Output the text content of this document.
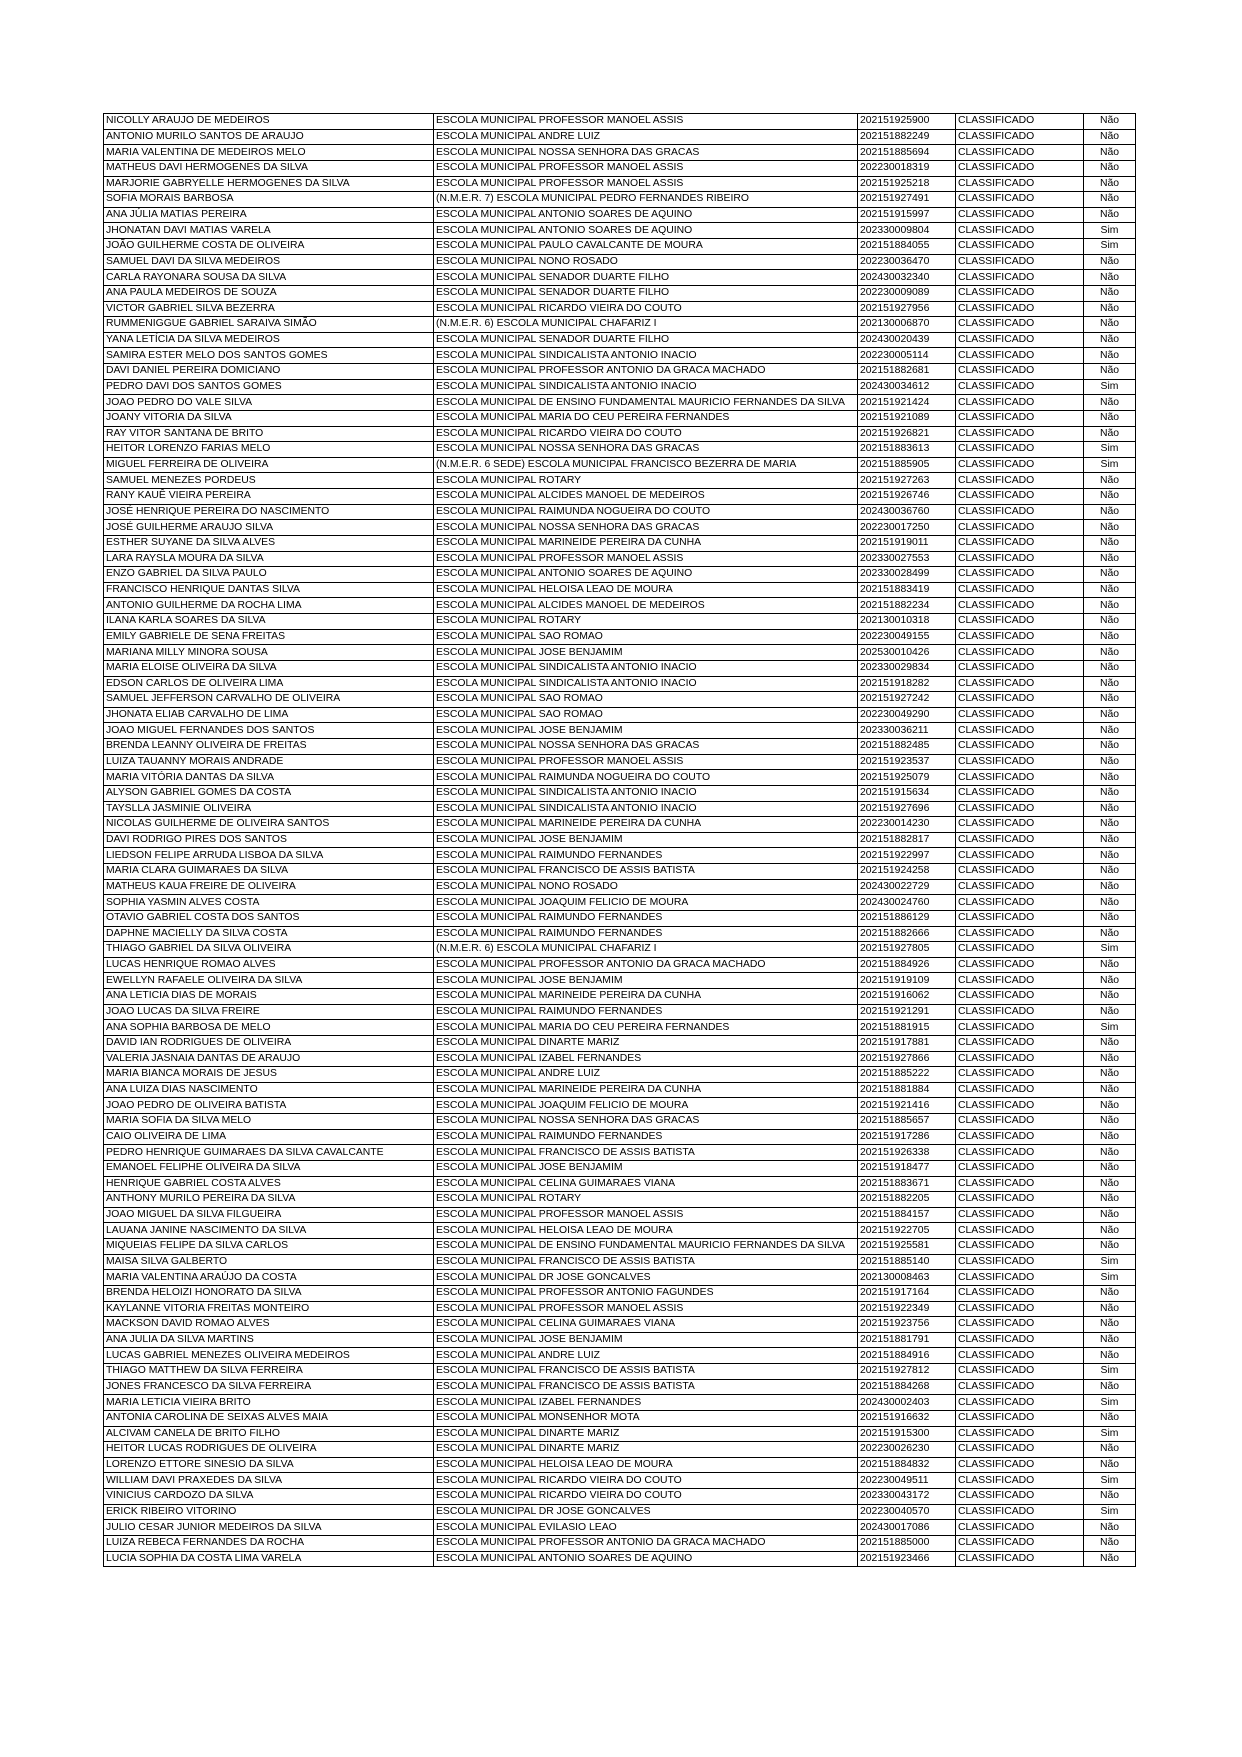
NICOLLY ARAUJO DE MEDEIROS	ESCOLA MUNICIPAL PROFESSOR MANOEL ASSIS	202151925900	CLASSIFICADO	Não
ANTONIO MURILO SANTOS DE ARAUJO	ESCOLA MUNICIPAL ANDRE LUIZ	202151882249	CLASSIFICADO	Não
MARIA VALENTINA DE MEDEIROS MELO	ESCOLA MUNICIPAL NOSSA SENHORA DAS GRACAS	202151885694	CLASSIFICADO	Não
MATHEUS DAVI HERMOGENES DA SILVA	ESCOLA MUNICIPAL PROFESSOR MANOEL ASSIS	202230018319	CLASSIFICADO	Não
MARJORIE GABRYELLE HERMOGENES DA SILVA	ESCOLA MUNICIPAL PROFESSOR MANOEL ASSIS	202151925218	CLASSIFICADO	Não
SOFIA MORAIS BARBOSA	(N.M.E.R. 7) ESCOLA MUNICIPAL PEDRO FERNANDES RIBEIRO	202151927491	CLASSIFICADO	Não
ANA JÚLIA MATIAS PEREIRA	ESCOLA MUNICIPAL ANTONIO SOARES DE AQUINO	202151915997	CLASSIFICADO	Não
JHONATAN DAVI MATIAS VARELA	ESCOLA MUNICIPAL ANTONIO SOARES DE AQUINO	202330009804	CLASSIFICADO	Sim
JOÃO GUILHERME COSTA DE OLIVEIRA	ESCOLA MUNICIPAL PAULO CAVALCANTE DE MOURA	202151884055	CLASSIFICADO	Sim
SAMUEL DAVI DA SILVA MEDEIROS	ESCOLA MUNICIPAL NONO ROSADO	202230036470	CLASSIFICADO	Não
CARLA RAYONARA SOUSA DA SILVA	ESCOLA MUNICIPAL SENADOR DUARTE FILHO	202430032340	CLASSIFICADO	Não
ANA PAULA MEDEIROS DE SOUZA	ESCOLA MUNICIPAL SENADOR DUARTE FILHO	202230009089	CLASSIFICADO	Não
VICTOR GABRIEL SILVA BEZERRA	ESCOLA MUNICIPAL RICARDO VIEIRA DO COUTO	202151927956	CLASSIFICADO	Não
RUMMENIGGUE GABRIEL SARAIVA SIMÃO	(N.M.E.R. 6) ESCOLA MUNICIPAL CHAFARIZ I	202130006870	CLASSIFICADO	Não
YANA LETÍCIA DA SILVA MEDEIROS	ESCOLA MUNICIPAL SENADOR DUARTE FILHO	202430020439	CLASSIFICADO	Não
SAMIRA ESTER MELO DOS SANTOS GOMES	ESCOLA MUNICIPAL SINDICALISTA ANTONIO INACIO	202230005114	CLASSIFICADO	Não
DAVI DANIEL PEREIRA DOMICIANO	ESCOLA MUNICIPAL PROFESSOR ANTONIO DA GRACA MACHADO	202151882681	CLASSIFICADO	Não
PEDRO DAVI DOS SANTOS GOMES	ESCOLA MUNICIPAL SINDICALISTA ANTONIO INACIO	202430034612	CLASSIFICADO	Sim
JOAO PEDRO DO VALE SILVA	ESCOLA MUNICIPAL DE ENSINO FUNDAMENTAL MAURICIO FERNANDES DA SILVA	202151921424	CLASSIFICADO	Não
JOANY VITORIA DA SILVA	ESCOLA MUNICIPAL MARIA DO CEU PEREIRA FERNANDES	202151921089	CLASSIFICADO	Não
RAY VITOR SANTANA DE BRITO	ESCOLA MUNICIPAL RICARDO VIEIRA DO COUTO	202151926821	CLASSIFICADO	Não
HEITOR LORENZO FARIAS MELO	ESCOLA MUNICIPAL NOSSA SENHORA DAS GRACAS	202151883613	CLASSIFICADO	Sim
MIGUEL FERREIRA DE OLIVEIRA	(N.M.E.R. 6 SEDE) ESCOLA MUNICIPAL FRANCISCO BEZERRA DE MARIA	202151885905	CLASSIFICADO	Sim
SAMUEL MENEZES PORDEUS	ESCOLA MUNICIPAL ROTARY	202151927263	CLASSIFICADO	Não
RANY KAUÊ VIEIRA PEREIRA	ESCOLA MUNICIPAL ALCIDES MANOEL DE MEDEIROS	202151926746	CLASSIFICADO	Não
JOSÉ HENRIQUE PEREIRA DO NASCIMENTO	ESCOLA MUNICIPAL RAIMUNDA NOGUEIRA DO COUTO	202430036760	CLASSIFICADO	Não
JOSÉ GUILHERME ARAUJO SILVA	ESCOLA MUNICIPAL NOSSA SENHORA DAS GRACAS	202230017250	CLASSIFICADO	Não
ESTHER SUYANE DA SILVA ALVES	ESCOLA MUNICIPAL MARINEIDE PEREIRA DA CUNHA	202151919011	CLASSIFICADO	Não
LARA RAYSLA MOURA DA SILVA	ESCOLA MUNICIPAL PROFESSOR MANOEL ASSIS	202330027553	CLASSIFICADO	Não
ENZO GABRIEL DA SILVA PAULO	ESCOLA MUNICIPAL ANTONIO SOARES DE AQUINO	202330028499	CLASSIFICADO	Não
FRANCISCO HENRIQUE DANTAS SILVA	ESCOLA MUNICIPAL HELOISA LEAO DE MOURA	202151883419	CLASSIFICADO	Não
ANTONIO GUILHERME DA ROCHA LIMA	ESCOLA MUNICIPAL ALCIDES MANOEL DE MEDEIROS	202151882234	CLASSIFICADO	Não
ILANA KARLA SOARES DA SILVA	ESCOLA MUNICIPAL ROTARY	202130010318	CLASSIFICADO	Não
EMILY GABRIELE DE SENA FREITAS	ESCOLA MUNICIPAL SAO ROMAO	202230049155	CLASSIFICADO	Não
MARIANA MILLY MINORA SOUSA	ESCOLA MUNICIPAL JOSE BENJAMIM	202530010426	CLASSIFICADO	Não
MARIA ELOISE OLIVEIRA DA SILVA	ESCOLA MUNICIPAL SINDICALISTA ANTONIO INACIO	202330029834	CLASSIFICADO	Não
EDSON CARLOS DE OLIVEIRA LIMA	ESCOLA MUNICIPAL SINDICALISTA ANTONIO INACIO	202151918282	CLASSIFICADO	Não
SAMUEL JEFFERSON CARVALHO DE OLIVEIRA	ESCOLA MUNICIPAL SAO ROMAO	202151927242	CLASSIFICADO	Não
JHONATA ELIAB CARVALHO DE LIMA	ESCOLA MUNICIPAL SAO ROMAO	202230049290	CLASSIFICADO	Não
JOAO MIGUEL FERNANDES DOS SANTOS	ESCOLA MUNICIPAL JOSE BENJAMIM	202330036211	CLASSIFICADO	Não
BRENDA LEANNY OLIVEIRA DE FREITAS	ESCOLA MUNICIPAL NOSSA SENHORA DAS GRACAS	202151882485	CLASSIFICADO	Não
LUIZA TAUANNY MORAIS ANDRADE	ESCOLA MUNICIPAL PROFESSOR MANOEL ASSIS	202151923537	CLASSIFICADO	Não
MARIA VITÓRIA DANTAS DA SILVA	ESCOLA MUNICIPAL RAIMUNDA NOGUEIRA DO COUTO	202151925079	CLASSIFICADO	Não
ALYSON GABRIEL GOMES DA COSTA	ESCOLA MUNICIPAL SINDICALISTA ANTONIO INACIO	202151915634	CLASSIFICADO	Não
TAYSLLA JASMINIE OLIVEIRA	ESCOLA MUNICIPAL SINDICALISTA ANTONIO INACIO	202151927696	CLASSIFICADO	Não
NICOLAS GUILHERME DE OLIVEIRA SANTOS	ESCOLA MUNICIPAL MARINEIDE PEREIRA DA CUNHA	202230014230	CLASSIFICADO	Não
DAVI RODRIGO PIRES DOS SANTOS	ESCOLA MUNICIPAL JOSE BENJAMIM	202151882817	CLASSIFICADO	Não
LIEDSON FELIPE ARRUDA LISBOA DA SILVA	ESCOLA MUNICIPAL RAIMUNDO FERNANDES	202151922997	CLASSIFICADO	Não
MARIA CLARA GUIMARAES DA SILVA	ESCOLA MUNICIPAL FRANCISCO DE ASSIS BATISTA	202151924258	CLASSIFICADO	Não
MATHEUS KAUA FREIRE DE OLIVEIRA	ESCOLA MUNICIPAL NONO ROSADO	202430022729	CLASSIFICADO	Não
SOPHIA YASMIN ALVES COSTA	ESCOLA MUNICIPAL JOAQUIM FELICIO DE MOURA	202430024760	CLASSIFICADO	Não
OTAVIO GABRIEL COSTA DOS SANTOS	ESCOLA MUNICIPAL RAIMUNDO FERNANDES	202151886129	CLASSIFICADO	Não
DAPHNE MACIELLY DA SILVA COSTA	ESCOLA MUNICIPAL RAIMUNDO FERNANDES	202151882666	CLASSIFICADO	Não
THIAGO GABRIEL DA SILVA OLIVEIRA	(N.M.E.R. 6) ESCOLA MUNICIPAL CHAFARIZ I	202151927805	CLASSIFICADO	Sim
LUCAS HENRIQUE ROMAO ALVES	ESCOLA MUNICIPAL PROFESSOR ANTONIO DA GRACA MACHADO	202151884926	CLASSIFICADO	Não
EWELLYN RAFAELE OLIVEIRA DA SILVA	ESCOLA MUNICIPAL JOSE BENJAMIM	202151919109	CLASSIFICADO	Não
ANA LETICIA DIAS DE MORAIS	ESCOLA MUNICIPAL MARINEIDE PEREIRA DA CUNHA	202151916062	CLASSIFICADO	Não
JOAO LUCAS DA SILVA FREIRE	ESCOLA MUNICIPAL RAIMUNDO FERNANDES	202151921291	CLASSIFICADO	Não
ANA SOPHIA BARBOSA DE MELO	ESCOLA MUNICIPAL MARIA DO CEU PEREIRA FERNANDES	202151881915	CLASSIFICADO	Sim
DAVID IAN RODRIGUES DE OLIVEIRA	ESCOLA MUNICIPAL DINARTE MARIZ	202151917881	CLASSIFICADO	Não
VALERIA JASNAIA DANTAS DE ARAUJO	ESCOLA MUNICIPAL IZABEL FERNANDES	202151927866	CLASSIFICADO	Não
MARIA BIANCA MORAIS DE JESUS	ESCOLA MUNICIPAL ANDRE LUIZ	202151885222	CLASSIFICADO	Não
ANA LUIZA DIAS NASCIMENTO	ESCOLA MUNICIPAL MARINEIDE PEREIRA DA CUNHA	202151881884	CLASSIFICADO	Não
JOAO PEDRO DE OLIVEIRA BATISTA	ESCOLA MUNICIPAL JOAQUIM FELICIO DE MOURA	202151921416	CLASSIFICADO	Não
MARIA SOFIA DA SILVA MELO	ESCOLA MUNICIPAL NOSSA SENHORA DAS GRACAS	202151885657	CLASSIFICADO	Não
CAIO OLIVEIRA DE LIMA	ESCOLA MUNICIPAL RAIMUNDO FERNANDES	202151917286	CLASSIFICADO	Não
PEDRO HENRIQUE GUIMARAES DA SILVA CAVALCANTE	ESCOLA MUNICIPAL FRANCISCO DE ASSIS BATISTA	202151926338	CLASSIFICADO	Não
EMANOEL FELIPHE OLIVEIRA DA SILVA	ESCOLA MUNICIPAL JOSE BENJAMIM	202151918477	CLASSIFICADO	Não
HENRIQUE GABRIEL COSTA ALVES	ESCOLA MUNICIPAL CELINA GUIMARAES VIANA	202151883671	CLASSIFICADO	Não
ANTHONY MURILO PEREIRA DA SILVA	ESCOLA MUNICIPAL ROTARY	202151882205	CLASSIFICADO	Não
JOAO MIGUEL DA SILVA FILGUEIRA	ESCOLA MUNICIPAL PROFESSOR MANOEL ASSIS	202151884157	CLASSIFICADO	Não
LAUANA JANINE NASCIMENTO DA SILVA	ESCOLA MUNICIPAL HELOISA LEAO DE MOURA	202151922705	CLASSIFICADO	Não
MIQUEIAS FELIPE DA SILVA CARLOS	ESCOLA MUNICIPAL DE ENSINO FUNDAMENTAL MAURICIO FERNANDES DA SILVA	202151925581	CLASSIFICADO	Não
MAISA SILVA GALBERTO	ESCOLA MUNICIPAL FRANCISCO DE ASSIS BATISTA	202151885140	CLASSIFICADO	Sim
MARIA VALENTINA ARAÚJO DA COSTA	ESCOLA MUNICIPAL DR JOSE GONCALVES	202130008463	CLASSIFICADO	Sim
BRENDA HELOIZI HONORATO DA SILVA	ESCOLA MUNICIPAL PROFESSOR ANTONIO FAGUNDES	202151917164	CLASSIFICADO	Não
KAYLANNE VITORIA FREITAS MONTEIRO	ESCOLA MUNICIPAL PROFESSOR MANOEL ASSIS	202151922349	CLASSIFICADO	Não
MACKSON DAVID ROMAO ALVES	ESCOLA MUNICIPAL CELINA GUIMARAES VIANA	202151923756	CLASSIFICADO	Não
ANA JULIA DA SILVA MARTINS	ESCOLA MUNICIPAL JOSE BENJAMIM	202151881791	CLASSIFICADO	Não
LUCAS GABRIEL MENEZES OLIVEIRA MEDEIROS	ESCOLA MUNICIPAL ANDRE LUIZ	202151884916	CLASSIFICADO	Não
THIAGO MATTHEW DA SILVA FERREIRA	ESCOLA MUNICIPAL FRANCISCO DE ASSIS BATISTA	202151927812	CLASSIFICADO	Sim
JONES FRANCESCO DA SILVA FERREIRA	ESCOLA MUNICIPAL FRANCISCO DE ASSIS BATISTA	202151884268	CLASSIFICADO	Não
MARIA LETICIA VIEIRA BRITO	ESCOLA MUNICIPAL IZABEL FERNANDES	202430002403	CLASSIFICADO	Sim
ANTONIA CAROLINA DE SEIXAS ALVES MAIA	ESCOLA MUNICIPAL MONSENHOR MOTA	202151916632	CLASSIFICADO	Não
ALCIVAM CANELA DE BRITO FILHO	ESCOLA MUNICIPAL DINARTE MARIZ	202151915300	CLASSIFICADO	Sim
HEITOR LUCAS RODRIGUES DE OLIVEIRA	ESCOLA MUNICIPAL DINARTE MARIZ	202230026230	CLASSIFICADO	Não
LORENZO ETTORE SINESIO DA SILVA	ESCOLA MUNICIPAL HELOISA LEAO DE MOURA	202151884832	CLASSIFICADO	Não
WILLIAM DAVI PRAXEDES DA SILVA	ESCOLA MUNICIPAL RICARDO VIEIRA DO COUTO	202230049511	CLASSIFICADO	Sim
VINICIUS CARDOZO DA SILVA	ESCOLA MUNICIPAL RICARDO VIEIRA DO COUTO	202330043172	CLASSIFICADO	Não
ERICK RIBEIRO VITORINO	ESCOLA MUNICIPAL DR JOSE GONCALVES	202230040570	CLASSIFICADO	Sim
JULIO CESAR JUNIOR MEDEIROS DA SILVA	ESCOLA MUNICIPAL EVILASIO LEAO	202430017086	CLASSIFICADO	Não
LUIZA REBECA FERNANDES DA ROCHA	ESCOLA MUNICIPAL PROFESSOR ANTONIO DA GRACA MACHADO	202151885000	CLASSIFICADO	Não
LUCIA SOPHIA DA COSTA LIMA VARELA	ESCOLA MUNICIPAL ANTONIO SOARES DE AQUINO	202151923466	CLASSIFICADO	Não
